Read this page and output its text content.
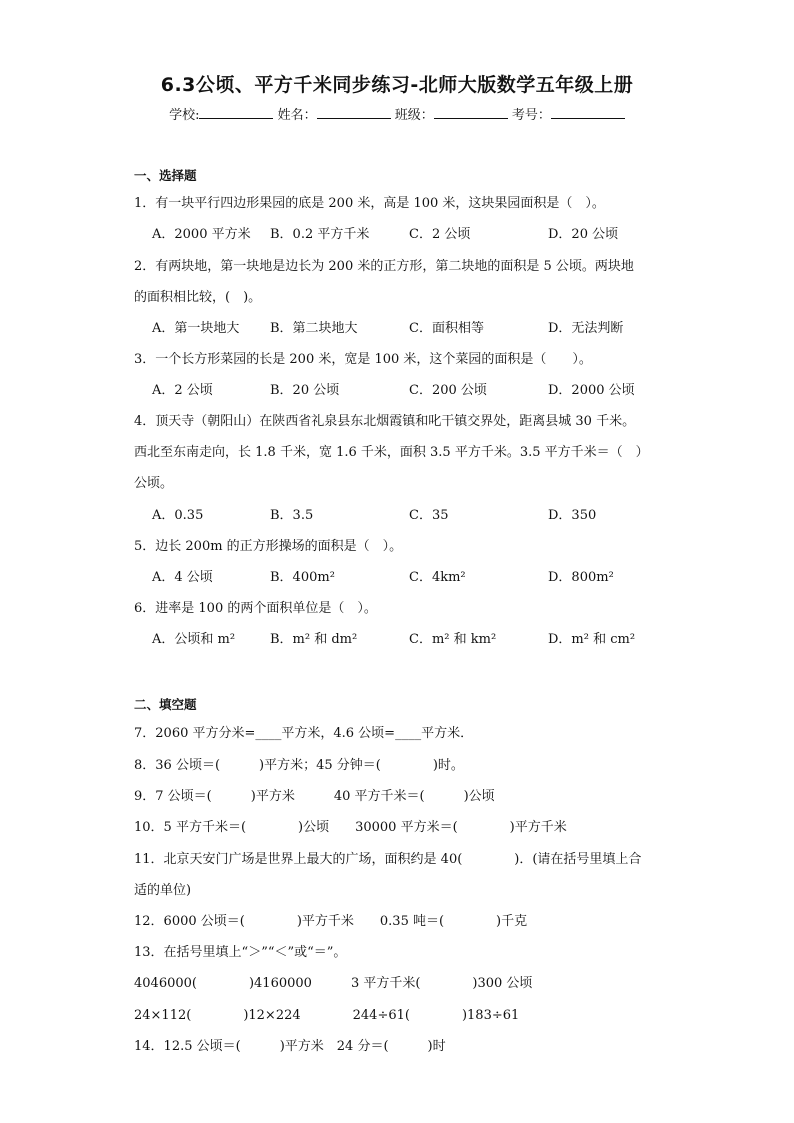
6.3公顷、平方千米同步练习-北师大版数学五年级上册
学校:	姓名：	班级：	考号：
一、选择题
1．有一块平行四边形果园的底是 200 米，高是 100 米，这块果园面积是（　）。
A．2000 平方米 B．0.2 平方千米	C．2 公顷	D．20 公顷
2．有两块地，第一块地是边长为 200 米的正方形，第二块地的面积是 5 公顷。两块地
的面积相比较，(　)。
A．第一块地大 B．第二块地大	C．面积相等	D．无法判断
3．一个长方形菜园的长是 200 米，宽是 100 米，这个菜园的面积是（　　）。
A．2 公顷	B．20 公顷	C．200 公顷	D．2000 公顷
4．顶天寺（朝阳山）在陕西省礼泉县东北烟霞镇和叱干镇交界处，距离县城 30 千米。
西北至东南走向，长 1.8 千米，宽 1.6 千米，面积 3.5 平方千米。3.5 平方千米＝（　）
公顷。
A．0.35	B．3.5	C．35	D．350
5．边长 200m 的正方形操场的面积是（　）。
A．4 公顷	B．400m²	C．4km²	D．800m²
6．进率是 100 的两个面积单位是（　）。
A．公顷和 m²	B．m² 和 dm²	C．m² 和 km²	D．m² 和 cm²
二、填空题
7．2060 平方分米=____平方米，4.6 公顷=____平方米．
8．36 公顷＝(　　　)平方米；45 分钟＝(　　　　)时。
9．7 公顷＝(　　　)平方米　　　40 平方千米＝(　　　)公顷
10．5 平方千米＝(　　　　)公顷　　30000 平方米＝(　　　　)平方千米
11．北京天安门广场是世界上最大的广场，面积约是 40(　　　　)．(请在括号里填上合
适的单位)
12．6000 公顷＝(　　　　)平方千米　　0.35 吨＝(　　　　)千克
13．在括号里填上“＞”“＜”或“＝”。
4046000(　　　　)4160000　　　3 平方千米(　　　　)300 公顷
24×112(　　　　)12×224　　　　244÷61(　　　　)183÷61
14．12.5 公顷＝(　　　)平方米　24 分＝(　　　)时
